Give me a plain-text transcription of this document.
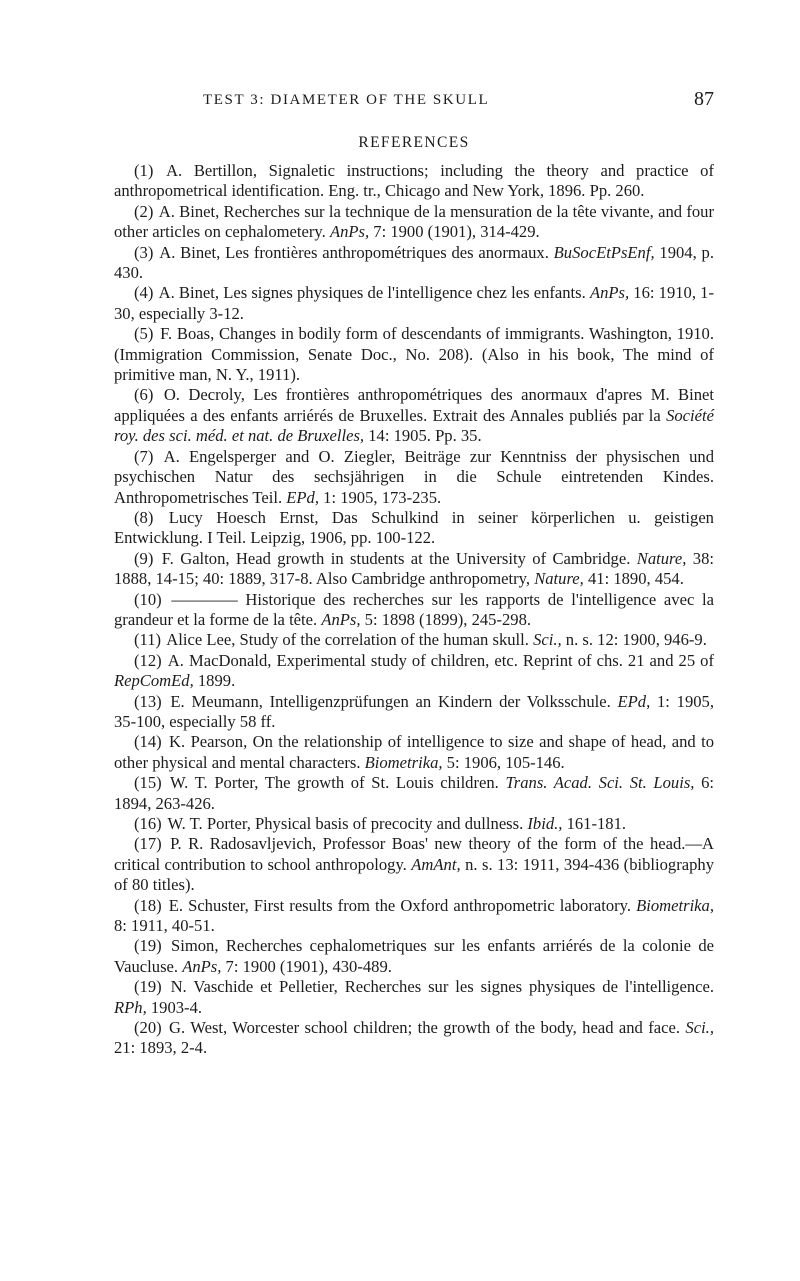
TEST 3: DIAMETER OF THE SKULL	87
REFERENCES

(1) A. Bertillon, Signaletic instructions; including the theory and practice of anthropometrical identification. Eng. tr., Chicago and New York, 1896. Pp. 260.

(2) A. Binet, Recherches sur la technique de la mensuration de la tête vivante, and four other articles on cephalometery. AnPs, 7: 1900 (1901), 314-429.

(3) A. Binet, Les frontières anthropométriques des anormaux. BuSocEtPsEnf, 1904, p. 430.

(4) A. Binet, Les signes physiques de l'intelligence chez les enfants. AnPs, 16: 1910, 1-30, especially 3-12.

(5) F. Boas, Changes in bodily form of descendants of immigrants. Washington, 1910. (Immigration Commission, Senate Doc., No. 208). (Also in his book, The mind of primitive man, N. Y., 1911).

(6) O. Decroly, Les frontières anthropométriques des anormaux d'apres M. Binet appliquées a des enfants arriérés de Bruxelles. Extrait des Annales publiés par la Société roy. des sci. méd. et nat. de Bruxelles, 14: 1905. Pp. 35.

(7) A. Engelsperger and O. Ziegler, Beiträge zur Kenntniss der physischen und psychischen Natur des sechsjährigen in die Schule eintretenden Kindes. Anthropometrisches Teil. EPd, 1: 1905, 173-235.

(8) Lucy Hoesch Ernst, Das Schulkind in seiner körperlichen u. geistigen Entwicklung. I Teil. Leipzig, 1906, pp. 100-122.

(9) F. Galton, Head growth in students at the University of Cambridge. Nature, 38: 1888, 14-15; 40: 1889, 317-8. Also Cambridge anthropometry, Nature, 41: 1890, 454.

(10) ———— Historique des recherches sur les rapports de l'intelligence avec la grandeur et la forme de la tête. AnPs, 5: 1898 (1899), 245-298.

(11) Alice Lee, Study of the correlation of the human skull. Sci., n. s. 12: 1900, 946-9.

(12) A. MacDonald, Experimental study of children, etc. Reprint of chs. 21 and 25 of RepComEd, 1899.

(13) E. Meumann, Intelligenzprüfungen an Kindern der Volksschule. EPd, 1: 1905, 35-100, especially 58 ff.

(14) K. Pearson, On the relationship of intelligence to size and shape of head, and to other physical and mental characters. Biometrika, 5: 1906, 105-146.

(15) W. T. Porter, The growth of St. Louis children. Trans. Acad. Sci. St. Louis, 6: 1894, 263-426.

(16) W. T. Porter, Physical basis of precocity and dullness. Ibid., 161-181.

(17) P. R. Radosavljevich, Professor Boas' new theory of the form of the head.—A critical contribution to school anthropology. AmAnt, n. s. 13: 1911, 394-436 (bibliography of 80 titles).

(18) E. Schuster, First results from the Oxford anthropometric laboratory. Biometrika, 8: 1911, 40-51.

(19) Simon, Recherches cephalometriques sur les enfants arriérés de la colonie de Vaucluse. AnPs, 7: 1900 (1901), 430-489.

(19) N. Vaschide et Pelletier, Recherches sur les signes physiques de l'intelligence. RPh, 1903-4.

(20) G. West, Worcester school children; the growth of the body, head and face. Sci., 21: 1893, 2-4.
